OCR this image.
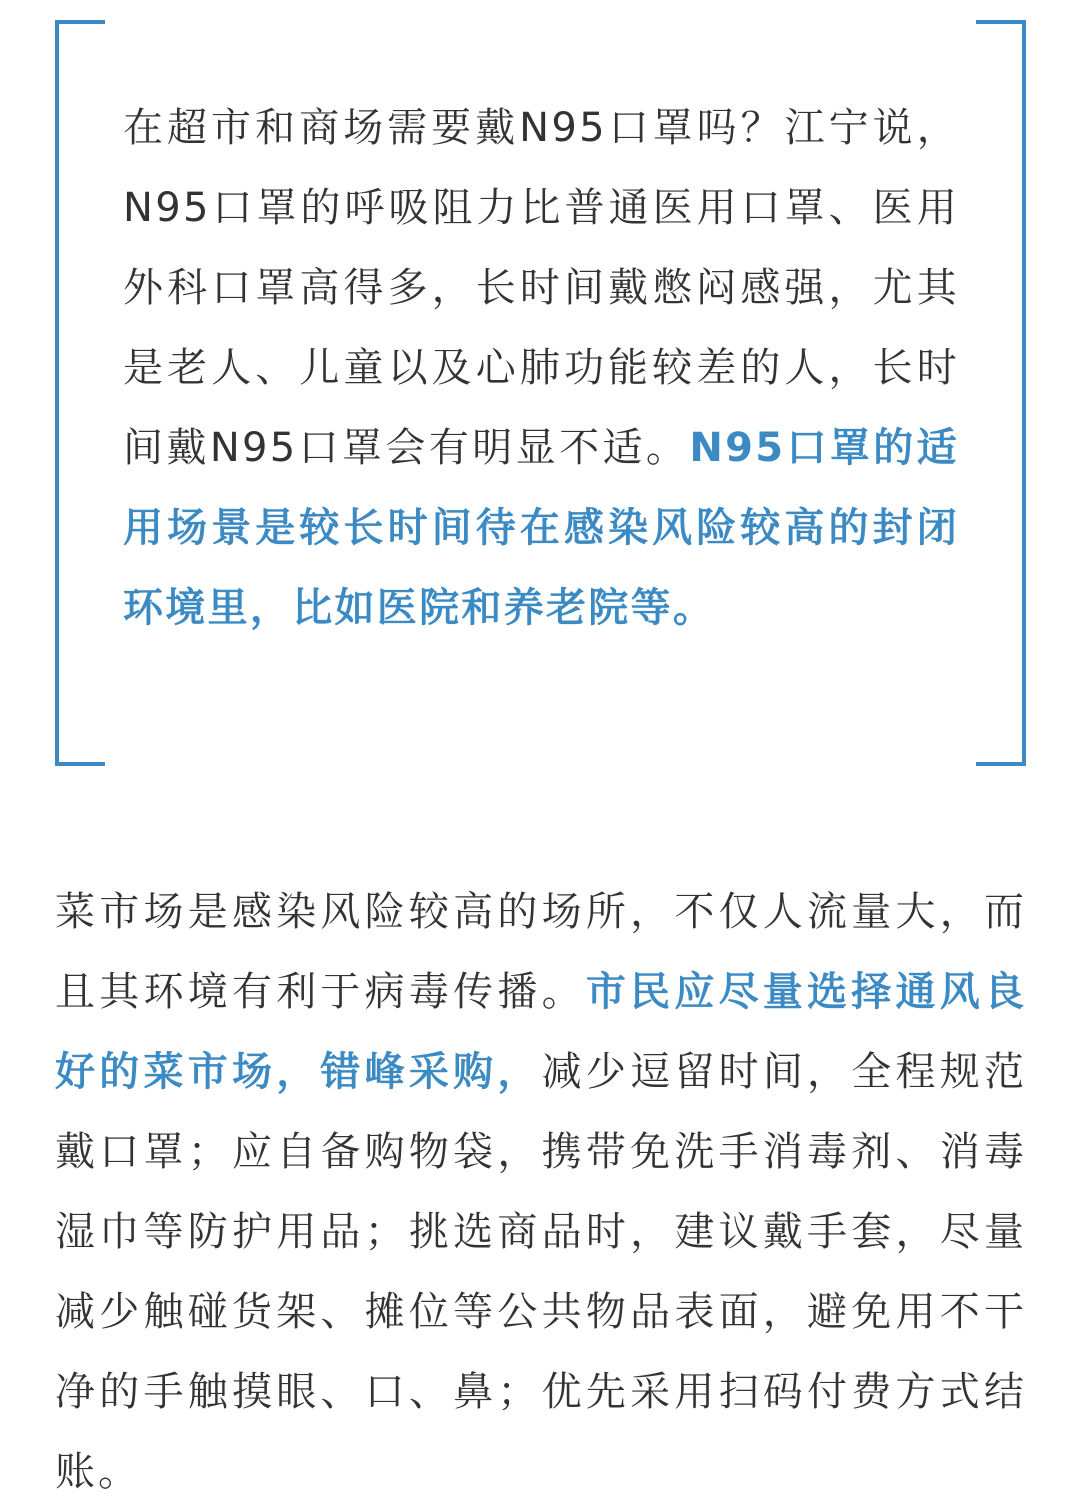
在超市和商场需要戴N95口罩吗？江宁说，N95口罩的呼吸阻力比普通医用口罩、医用外科口罩高得多，长时间戴憋闷感强，尤其是老人、儿童以及心肺功能较差的人，长时间戴N95口罩会有明显不适。N95口罩的适用场景是较长时间待在感染风险较高的封闭环境里，比如医院和养老院等。

菜市场是感染风险较高的场所，不仅人流量大，而且其环境有利于病毒传播。市民应尽量选择通风良好的菜市场，错峰采购，减少逗留时间，全程规范戴口罩；应自备购物袋，携带免洗手消毒剂、消毒湿巾等防护用品；挑选商品时，建议戴手套，尽量减少触碰货架、摊位等公共物品表面，避免用不干净的手触摸眼、口、鼻；优先采用扫码付费方式结账。
